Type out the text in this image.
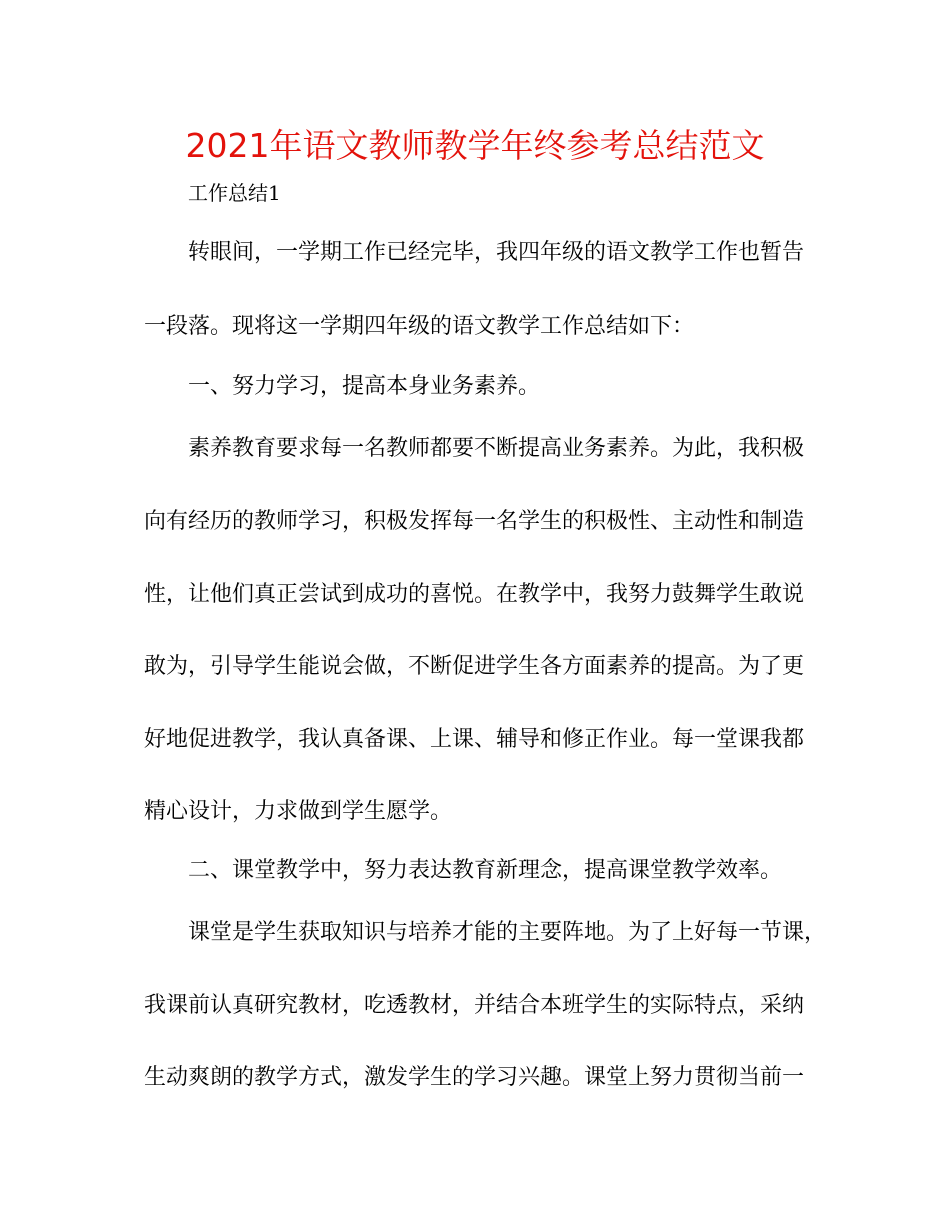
2021年语文教师教学年终参考总结范文
工作总结1
转眼间，一学期工作已经完毕，我四年级的语文教学工作也暂告
一段落。现将这一学期四年级的语文教学工作总结如下：
一、努力学习，提高本身业务素养。
素养教育要求每一名教师都要不断提高业务素养。为此，我积极
向有经历的教师学习，积极发挥每一名学生的积极性、主动性和制造
性，让他们真正尝试到成功的喜悦。在教学中，我努力鼓舞学生敢说
敢为，引导学生能说会做，不断促进学生各方面素养的提高。为了更
好地促进教学，我认真备课、上课、辅导和修正作业。每一堂课我都
精心设计，力求做到学生愿学。
二、课堂教学中，努力表达教育新理念，提高课堂教学效率。
课堂是学生获取知识与培养才能的主要阵地。为了上好每一节课，
我课前认真研究教材，吃透教材，并结合本班学生的实际特点，采纳
生动爽朗的教学方式，激发学生的学习兴趣。课堂上努力贯彻当前一
